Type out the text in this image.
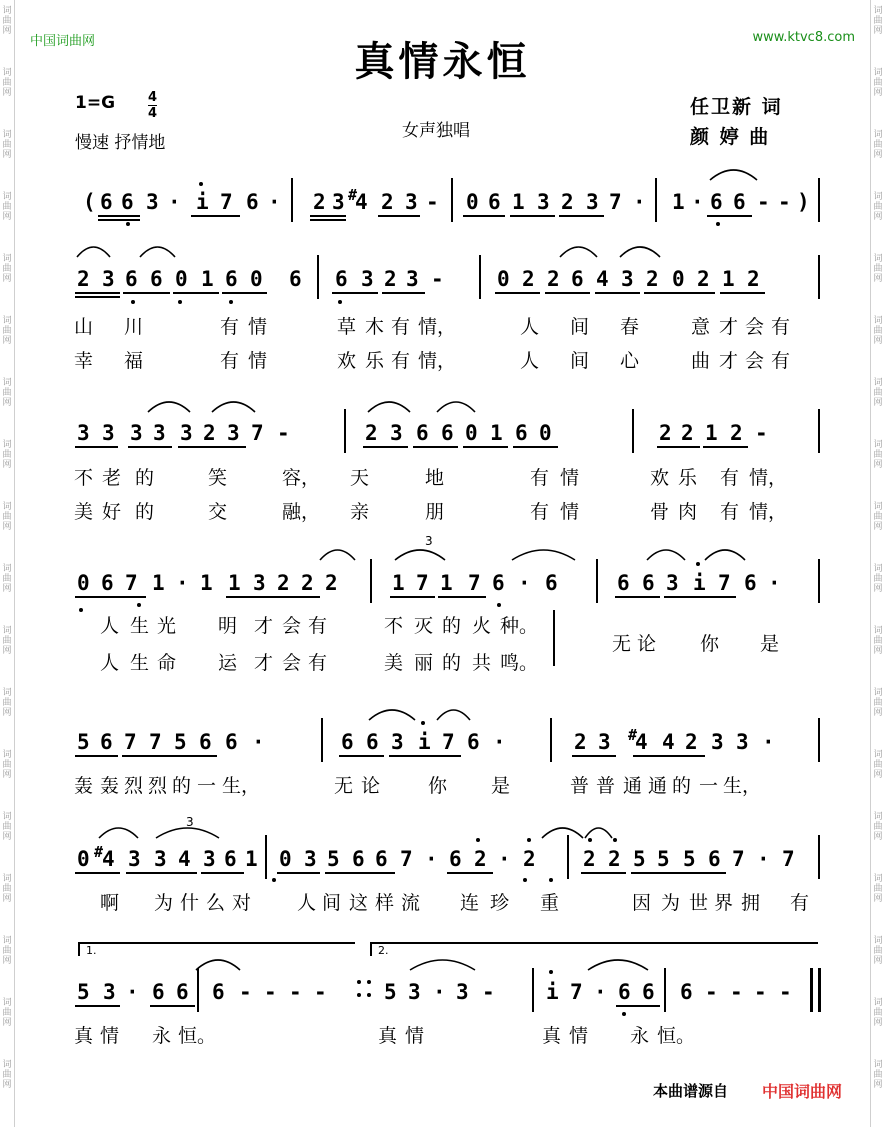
词
曲
网
词
曲
网
词
曲
网
词
曲
网
词
曲
网
词
曲
网
词
曲
网
词
曲
网
词
曲
网
词
曲
网
词
曲
网
词
曲
网
词
曲
网
词
曲
网
词
曲
网
词
曲
网
词
曲
网
词
曲
网
词
曲
网
词
曲
网
词
曲
网
词
曲
网
词
曲
网
词
曲
网
词
曲
网
词
曲
网
词
曲
网
词
曲
网
词
曲
网
词
曲
网
词
曲
网
词
曲
网
词
曲
网
词
曲
网
词
曲
网
词
曲
网
中国词曲网	www.ktvc8.com
真情永恒
1=G	$\frac{4}{4}$
慢速 抒情地
女声独唱
任卫新 词
颜 婷 曲
( 6 6 3 · i 7 6 · 2 3 #
4 2 3 - 0 6 1 3 2 3 7 · 1 · 6 6 - - )
2 3 6 6 0 1 6 0 6 6 3 2 3 -	0 2 2 6 4 3 2 0 2 1 2
3 3 3 3 3 2 3 7 -	2 3 6 6 0 1 6 0	2 2 1 2 -
0 6 7 1 · 1 1 3 2 2 2	1 7 1 7 6 · 6	6 6 3 i 7 6 ·
5 6 7 7 5 6 6 ·	6 6 3 i 7 6 ·	2 3 #
4 4 2 3 3 ·
0 #
4 3 3 4 3 6 1 0 3 5 6 6 7 · 6 2 · 2 2 2 5 5 5 6 7 · 7
5 3 · 6 6 6 - - - -	5 3 · 3 - i 7 · 6 6 6 - - - -
1.	2.
山 川	有 情	草 木 有 情，	人 间 春	意 才 会 有
幸 福	有 情	欢 乐 有 情，	人 间 心	曲 才 会 有
不 老 的	笑	容， 天	地	有 情	欢 乐 有 情，
美 好 的	交	融， 亲	朋	有 情	骨 肉 有 情，
人 生 光 明 才 会 有	不 灭 的 火 种。
人 生 命 运 才 会 有	美 丽 的 共 鸣。
无 论 你 是
轰 轰 烈 烈 的 一 生，	无 论	你 是	普 普 通 通 的 一 生，
啊 为 什 么 对 人 间 这 样 流 连 珍 重	因 为 世 界 拥 有
真 情 永 恒。	真 情	真 情 永 恒。
3
3
本曲谱源自 中国词曲网
